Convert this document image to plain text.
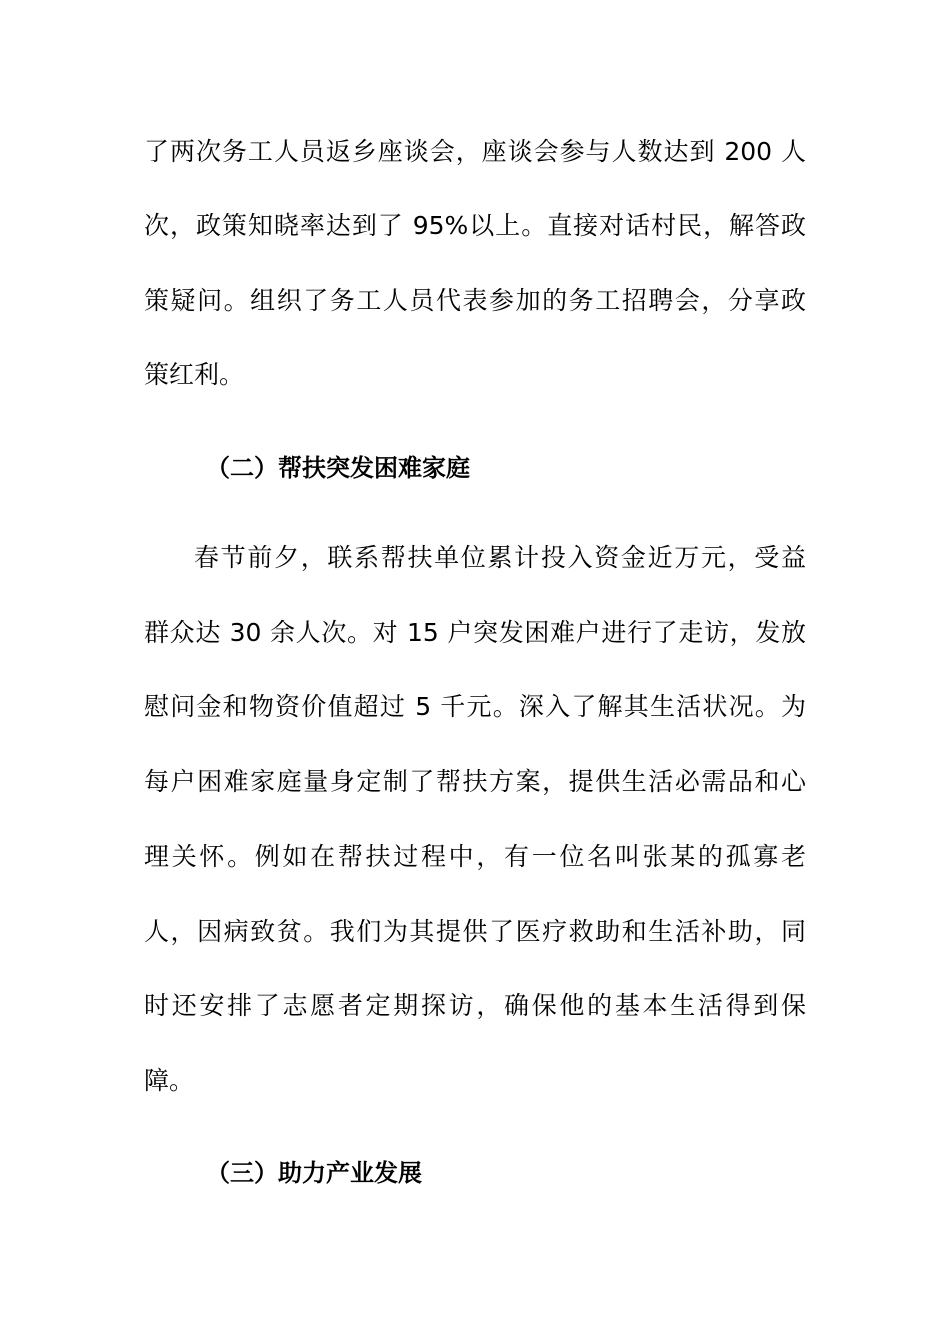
了两次务工人员返乡座谈会，座谈会参与人数达到 200 人
次，政策知晓率达到了 95%以上。直接对话村民，解答政
策疑问。组织了务工人员代表参加的务工招聘会，分享政
策红利。
（二）帮扶突发困难家庭
春节前夕，联系帮扶单位累计投入资金近万元，受益
群众达 30 余人次。对 15 户突发困难户进行了走访，发放
慰问金和物资价值超过 5 千元。深入了解其生活状况。为
每户困难家庭量身定制了帮扶方案，提供生活必需品和心
理关怀。例如在帮扶过程中，有一位名叫张某的孤寡老
人，因病致贫。我们为其提供了医疗救助和生活补助，同
时还安排了志愿者定期探访，确保他的基本生活得到保
障。
（三）助力产业发展
